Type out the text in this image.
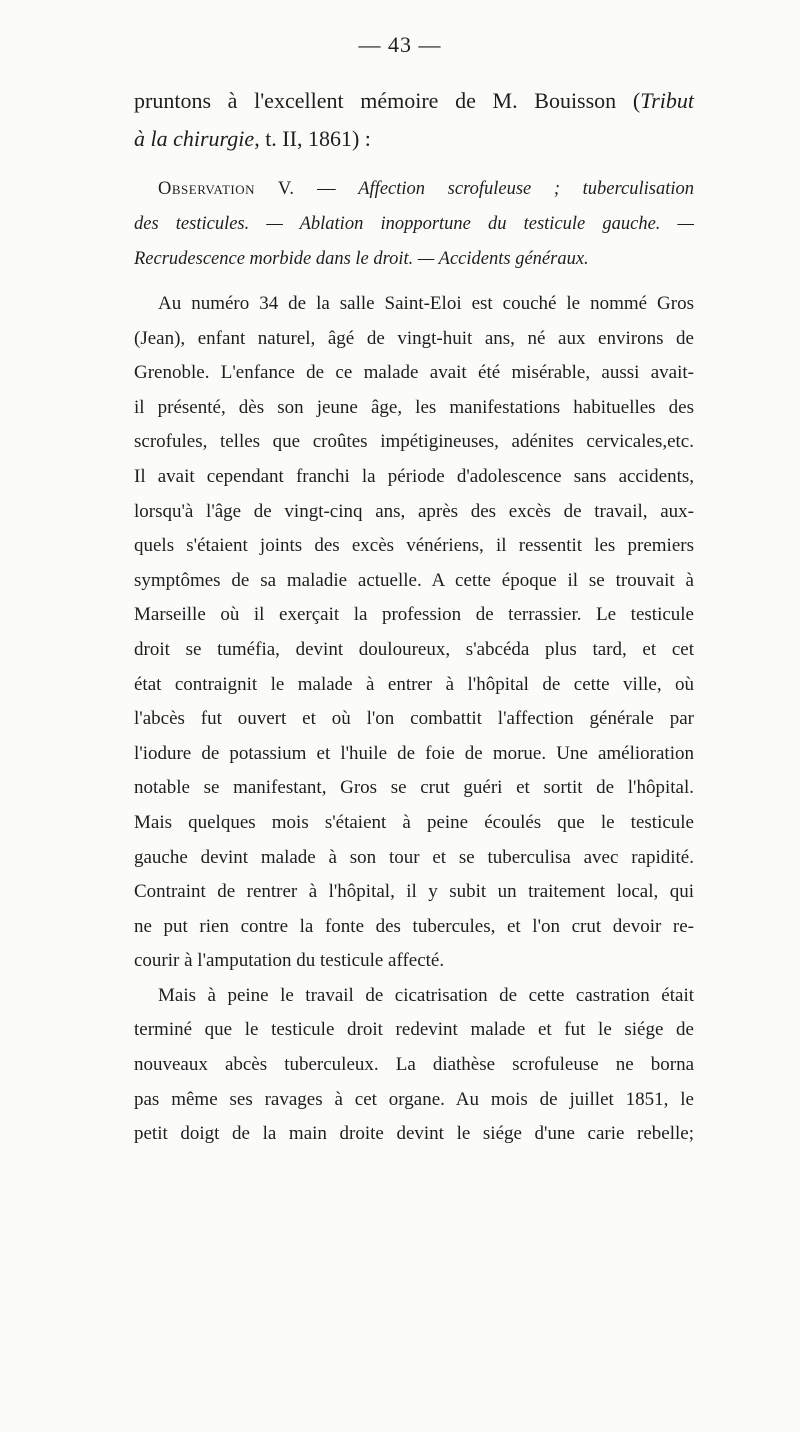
— 43 —
pruntons à l'excellent mémoire de M. Bouisson (Tribut
à la chirurgie, t. II, 1861) :
Observation V. — Affection scrofuleuse ; tuberculisation
des testicules. — Ablation inopportune du testicule gauche. —
Recrudescence morbide dans le droit. — Accidents généraux.
Au numéro 34 de la salle Saint-Eloi est couché le nommé Gros
(Jean), enfant naturel, âgé de vingt-huit ans, né aux environs de
Grenoble. L'enfance de ce malade avait été misérable, aussi avait-
il présenté, dès son jeune âge, les manifestations habituelles des
scrofules, telles que croûtes impétigineuses, adénites cervicales,etc.
Il avait cependant franchi la période d'adolescence sans accidents,
lorsqu'à l'âge de vingt-cinq ans, après des excès de travail, aux-
quels s'étaient joints des excès vénériens, il ressentit les premiers
symptômes de sa maladie actuelle. A cette époque il se trouvait à
Marseille où il exerçait la profession de terrassier. Le testicule
droit se tuméfia, devint douloureux, s'abcéda plus tard, et cet
état contraignit le malade à entrer à l'hôpital de cette ville, où
l'abcès fut ouvert et où l'on combattit l'affection générale par
l'iodure de potassium et l'huile de foie de morue. Une amélioration
notable se manifestant, Gros se crut guéri et sortit de l'hôpital.
Mais quelques mois s'étaient à peine écoulés que le testicule
gauche devint malade à son tour et se tuberculisa avec rapidité.
Contraint de rentrer à l'hôpital, il y subit un traitement local, qui
ne put rien contre la fonte des tubercules, et l'on crut devoir re-
courir à l'amputation du testicule affecté.
Mais à peine le travail de cicatrisation de cette castration était
terminé que le testicule droit redevint malade et fut le siége de
nouveaux abcès tuberculeux. La diathèse scrofuleuse ne borna
pas même ses ravages à cet organe. Au mois de juillet 1851, le
petit doigt de la main droite devint le siége d'une carie rebelle;
